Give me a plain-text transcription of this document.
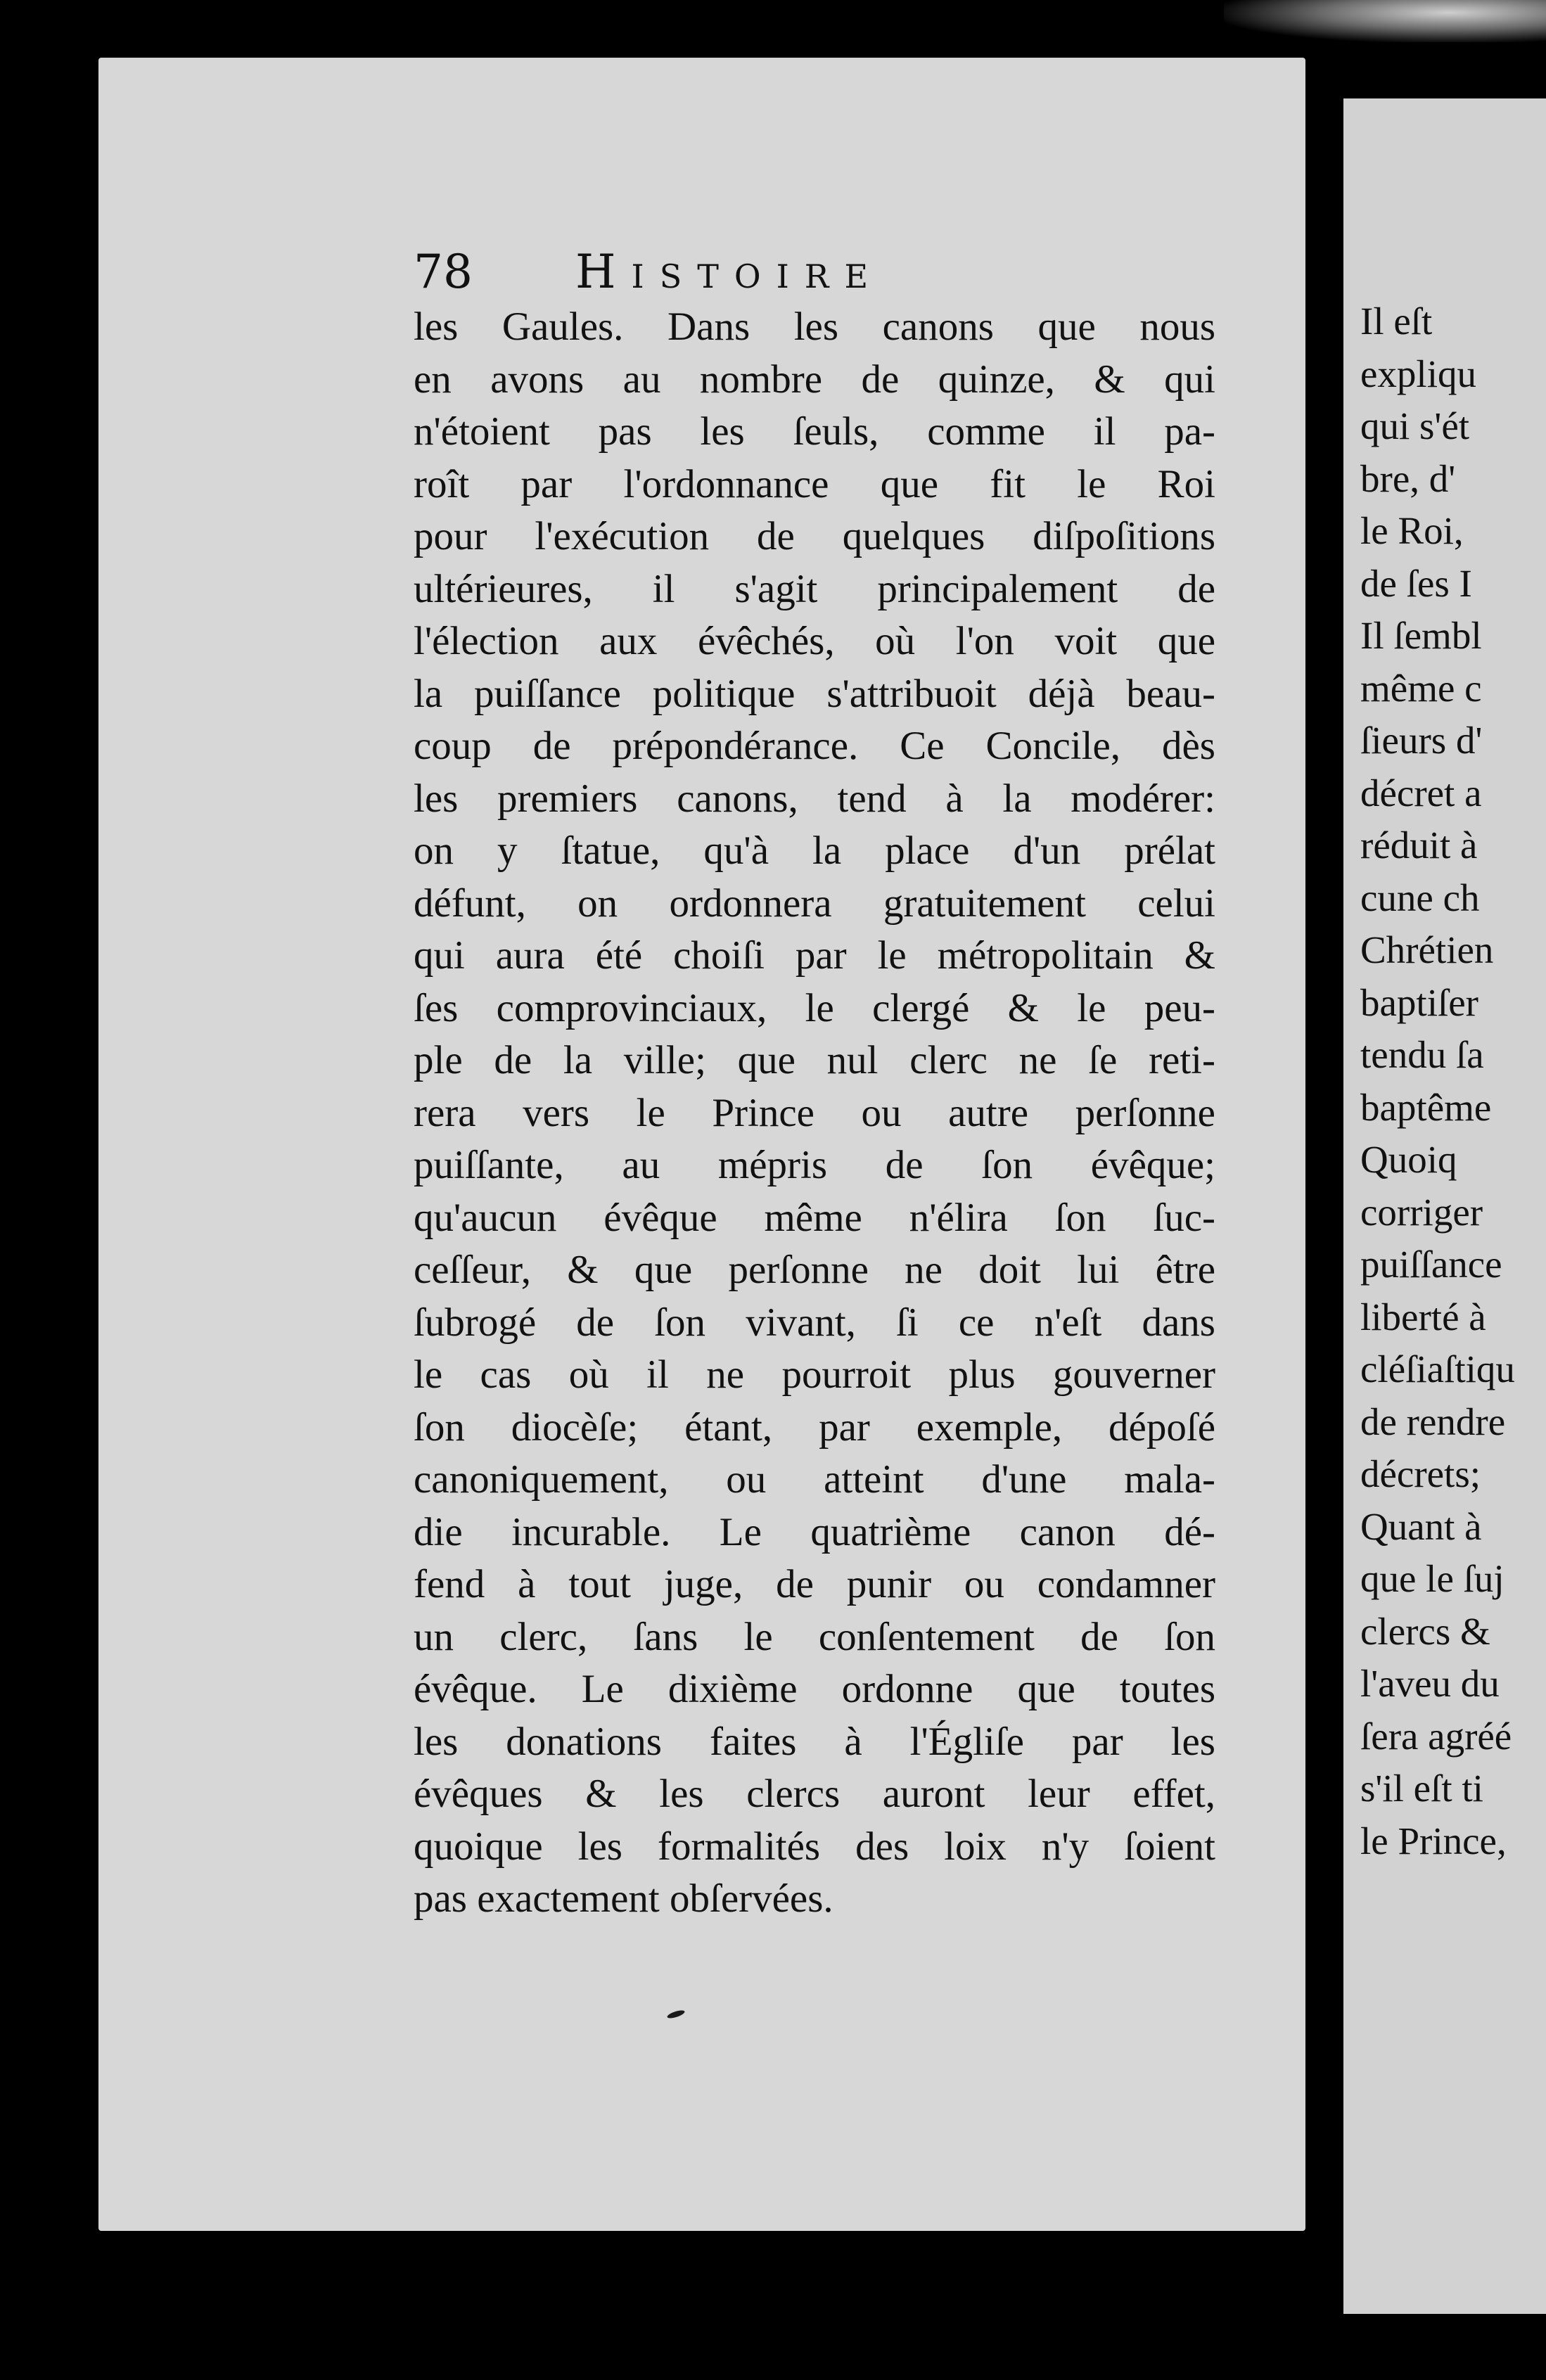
78	Histoire
les Gaules. Dans les canons que nous
en avons au nombre de quinze, & qui
n'étoient pas les ſeuls, comme il pa-
roît par l'ordonnance que fit le Roi
pour l'exécution de quelques diſpoſitions
ultérieures, il s'agit principalement de
l'élection aux évêchés, où l'on voit que
la puiſſance politique s'attribuoit déjà beau-
coup de prépondérance. Ce Concile, dès
les premiers canons, tend à la modérer:
on y ſtatue, qu'à la place d'un prélat
défunt, on ordonnera gratuitement celui
qui aura été choiſi par le métropolitain &
ſes comprovinciaux, le clergé & le peu-
ple de la ville; que nul clerc ne ſe reti-
rera vers le Prince ou autre perſonne
puiſſante, au mépris de ſon évêque;
qu'aucun évêque même n'élira ſon ſuc-
ceſſeur, & que perſonne ne doit lui être
ſubrogé de ſon vivant, ſi ce n'eſt dans
le cas où il ne pourroit plus gouverner
ſon diocèſe; étant, par exemple, dépoſé
canoniquement, ou atteint d'une mala-
die incurable. Le quatrième canon dé-
fend à tout juge, de punir ou condamner
un clerc, ſans le conſentement de ſon
évêque. Le dixième ordonne que toutes
les donations faites à l'Égliſe par les
évêques & les clercs auront leur effet,
quoique les formalités des loix n'y ſoient
pas exactement obſervées.
Il eſt
expliqu
qui s'ét
bre, d'
le Roi,
de ſes I
Il ſembl
même c
ſieurs d'
décret a
réduit à
cune ch
Chrétien
baptiſer
tendu ſa
baptême
Quoiq
corriger
puiſſance
liberté à
cléſiaſtiqu
de rendre
décrets;
Quant à
que le ſuj
clercs &
l'aveu du
ſera agréé
s'il eſt ti
le Prince,
